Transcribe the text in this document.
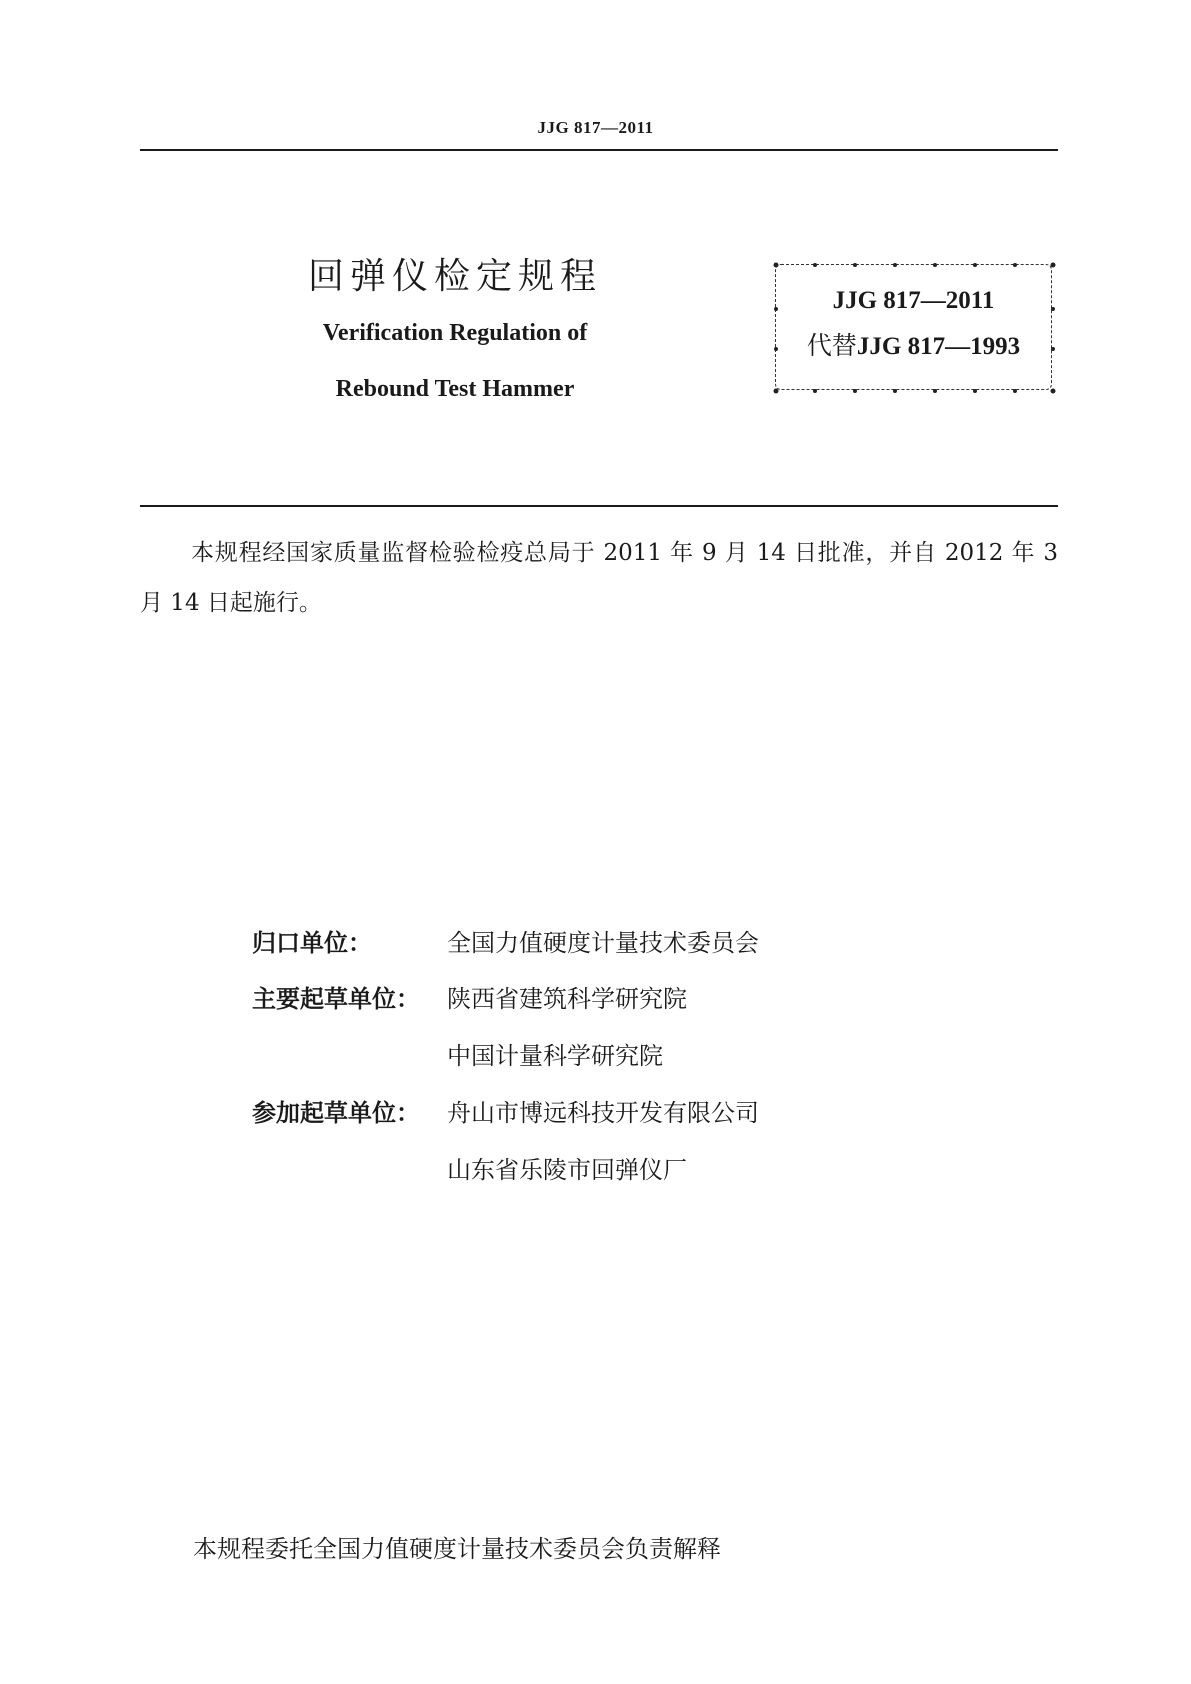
JJG 817—2011
回弹仪检定规程
Verification Regulation of
Rebound Test Hammer
JJG 817—2011
代替JJG 817—1993
本规程经国家质量监督检验检疫总局于 2011 年 9 月 14 日批准，并自 2012 年 3 月 14 日起施行。
归口单位：	全国力值硬度计量技术委员会
主要起草单位： 陕西省建筑科学研究院
中国计量科学研究院
参加起草单位： 舟山市博远科技开发有限公司
山东省乐陵市回弹仪厂
本规程委托全国力值硬度计量技术委员会负责解释
